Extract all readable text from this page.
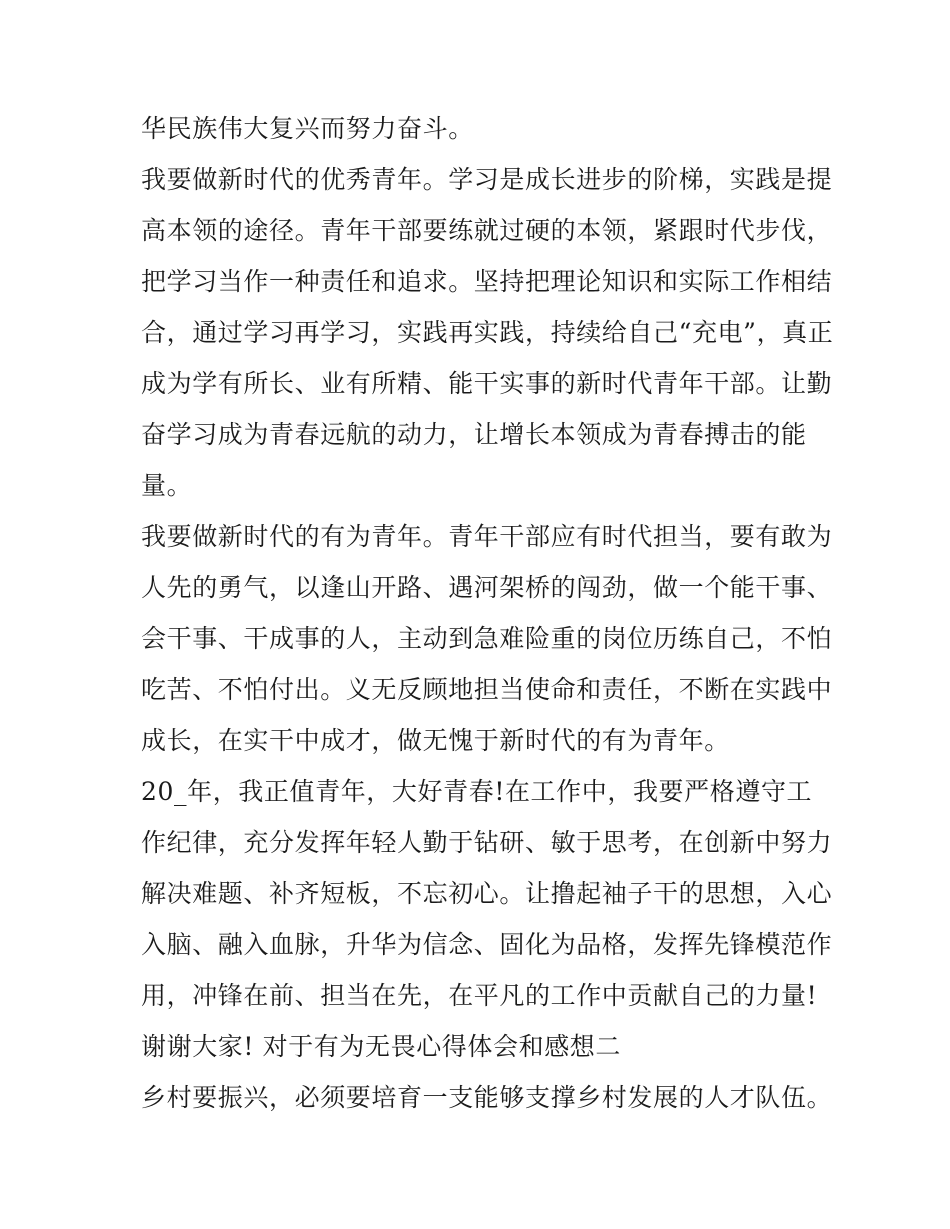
华民族伟大复兴而努力奋斗。
我要做新时代的优秀青年。学习是成长进步的阶梯，实践是提
高本领的途径。青年干部要练就过硬的本领，紧跟时代步伐，
把学习当作一种责任和追求。坚持把理论知识和实际工作相结
合，通过学习再学习，实践再实践，持续给自己“充电”，真正
成为学有所长、业有所精、能干实事的新时代青年干部。让勤
奋学习成为青春远航的动力，让增长本领成为青春搏击的能
量。
我要做新时代的有为青年。青年干部应有时代担当，要有敢为
人先的勇气，以逢山开路、遇河架桥的闯劲，做一个能干事、
会干事、干成事的人，主动到急难险重的岗位历练自己，不怕
吃苦、不怕付出。义无反顾地担当使命和责任，不断在实践中
成长，在实干中成才，做无愧于新时代的有为青年。
20_年，我正值青年，大好青春!在工作中，我要严格遵守工
作纪律，充分发挥年轻人勤于钻研、敏于思考，在创新中努力
解决难题、补齐短板，不忘初心。让撸起袖子干的思想，入心
入脑、融入血脉，升华为信念、固化为品格，发挥先锋模范作
用，冲锋在前、担当在先，在平凡的工作中贡献自己的力量!
谢谢大家! 对于有为无畏心得体会和感想二
乡村要振兴，必须要培育一支能够支撑乡村发展的人才队伍。
